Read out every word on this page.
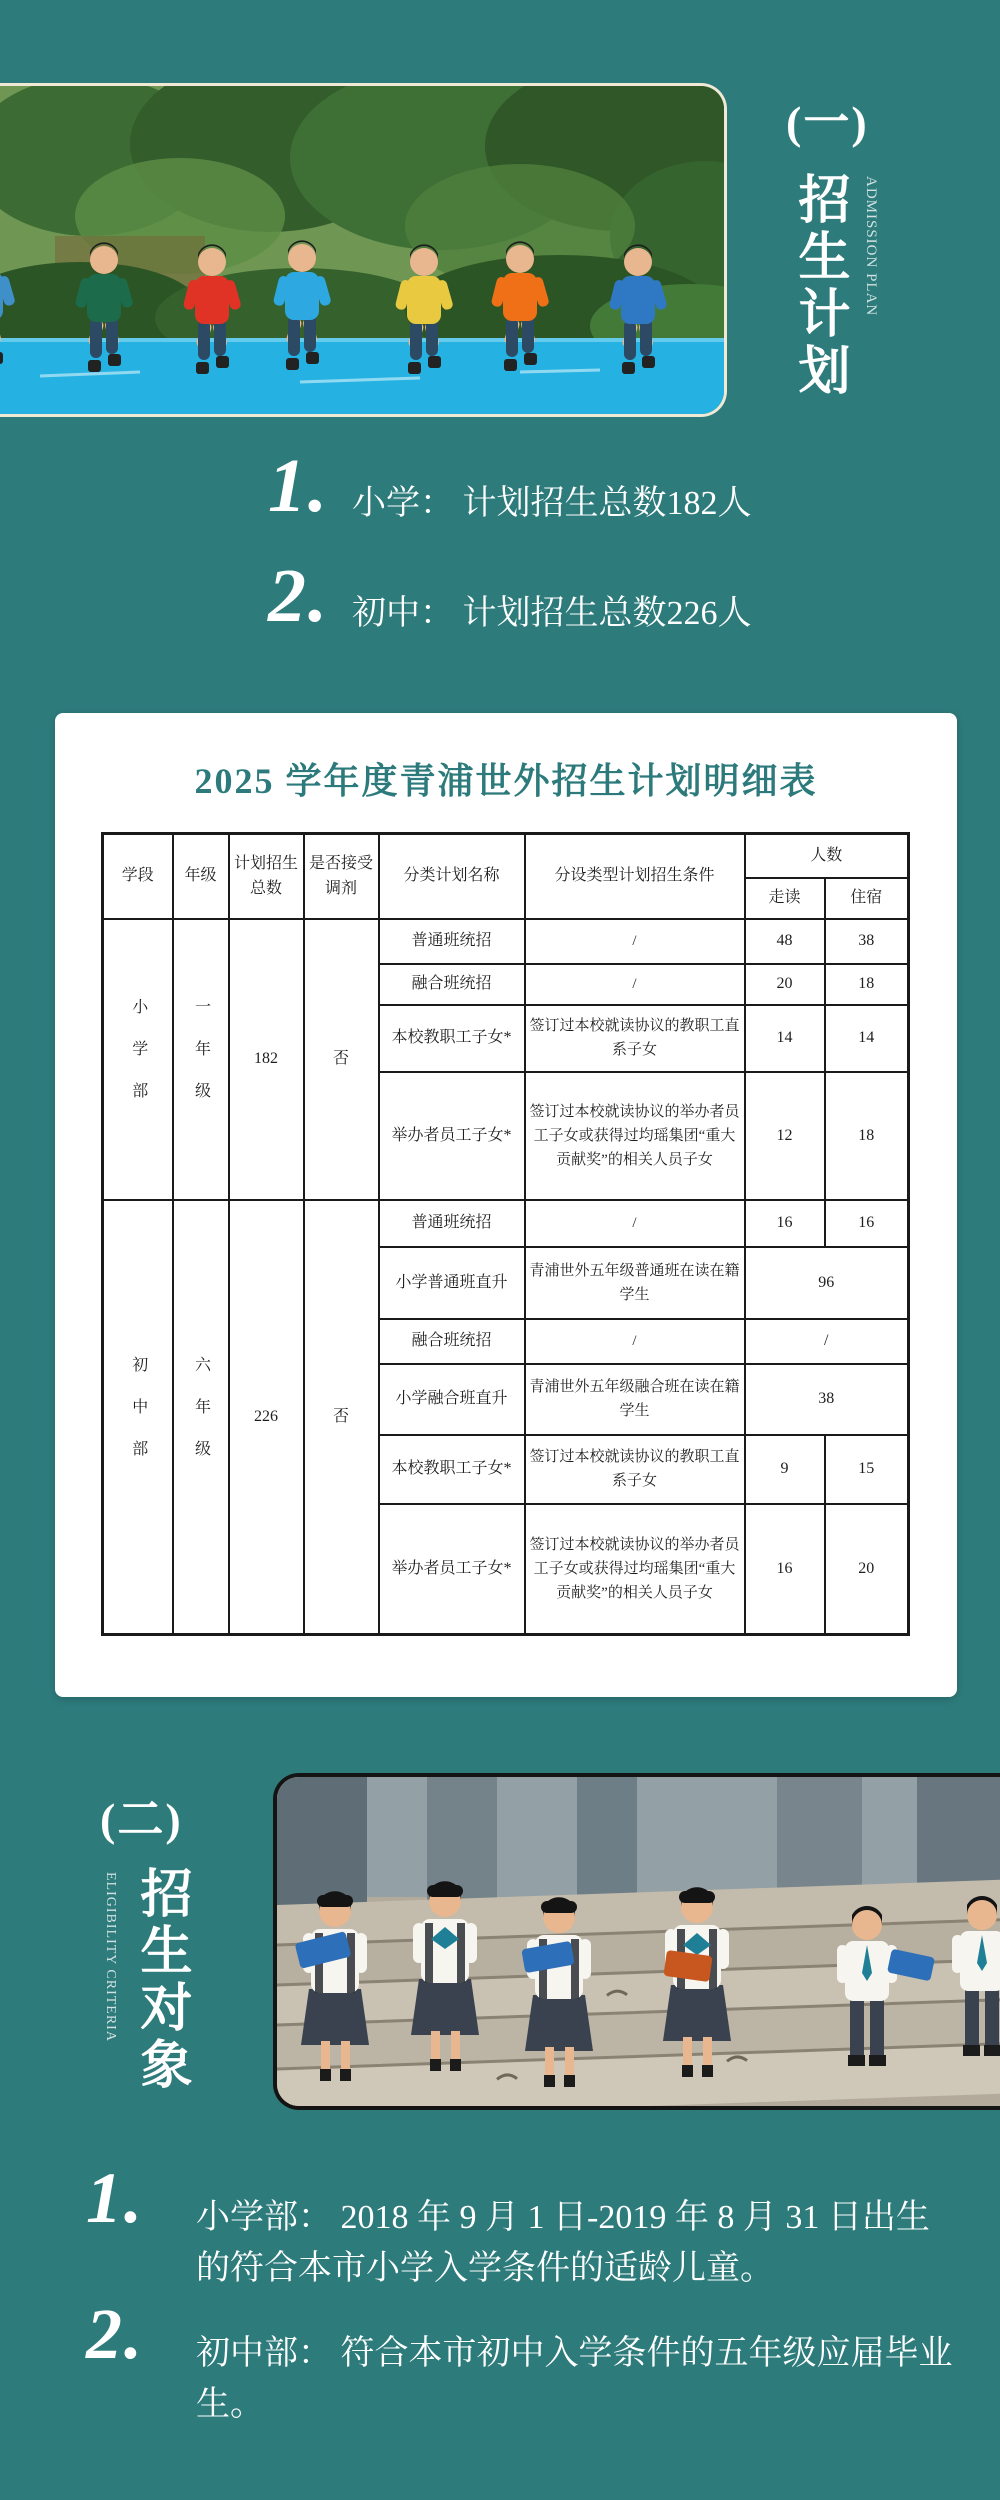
(一)
招生计划 ADMISSION PLAN
1. 小学： 计划招生总数182人
2. 初中： 计划招生总数226人
2025 学年度青浦世外招生计划明细表
学段	年级	计划招生总数	是否接受调剂	分类计划名称	分设类型计划招生条件	人数	
						走读	住宿
小学部	一年级	182	否	普通班统招	/	48	38
				融合班统招	/	20	18
				本校教职工子女*	签订过本校就读协议的教职工直系子女	14	14
				举办者员工子女*	签订过本校就读协议的举办者员工子女或获得过均瑶集团“重大贡献奖”的相关人员子女	12	18
初中部	六年级	226	否	普通班统招	/	16	16
				小学普通班直升	青浦世外五年级普通班在读在籍学生	96	
				融合班统招	/	/	
				小学融合班直升	青浦世外五年级融合班在读在籍学生	38	
				本校教职工子女*	签订过本校就读协议的教职工直系子女	9	15
				举办者员工子女*	签订过本校就读协议的举办者员工子女或获得过均瑶集团“重大贡献奖”的相关人员子女	16	20
(二)
ELIGIBILITY CRITERIA 招生对象
1. 小学部： 2018 年 9 月 1 日-2019 年 8 月 31 日出生的符合本市小学入学条件的适龄儿童。
2. 初中部： 符合本市初中入学条件的五年级应届毕业生。
